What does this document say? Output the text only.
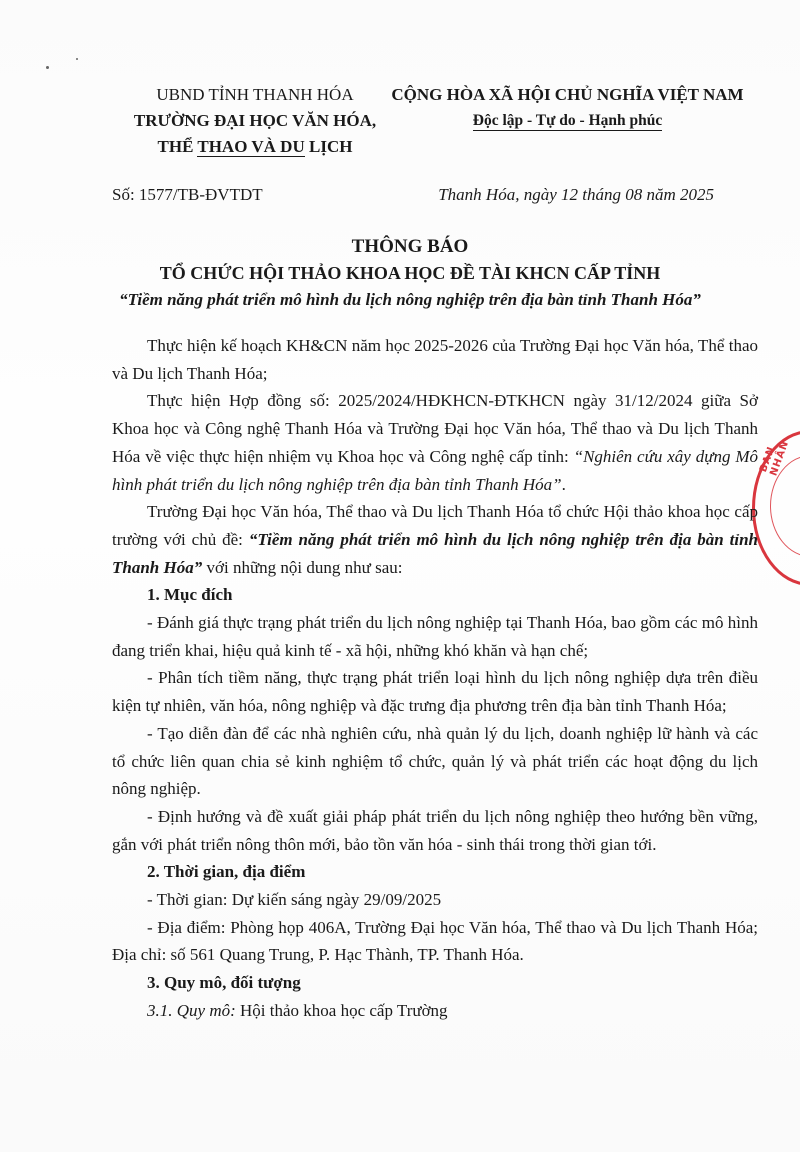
UBND TỈNH THANH HÓA
TRƯỜNG ĐẠI HỌC VĂN HÓA,
THỂ THAO VÀ DU LỊCH
CỘNG HÒA XÃ HỘI CHỦ NGHĨA VIỆT NAM
Độc lập - Tự do - Hạnh phúc
Số: 1577/TB-ĐVTDT	Thanh Hóa, ngày 12 tháng 08 năm 2025
THÔNG BÁO
TỔ CHỨC HỘI THẢO KHOA HỌC ĐỀ TÀI KHCN CẤP TỈNH
“Tiềm năng phát triển mô hình du lịch nông nghiệp trên địa bàn tỉnh Thanh Hóa”
BAN NHÂN

Thực hiện kế hoạch KH&CN năm học 2025-2026 của Trường Đại học Văn hóa, Thể thao và Du lịch Thanh Hóa;

Thực hiện Hợp đồng số: 2025/2024/HĐKHCN-ĐTKHCN ngày 31/12/2024 giữa Sở Khoa học và Công nghệ Thanh Hóa và Trường Đại học Văn hóa, Thể thao và Du lịch Thanh Hóa về việc thực hiện nhiệm vụ Khoa học và Công nghệ cấp tỉnh: “Nghiên cứu xây dựng Mô hình phát triển du lịch nông nghiệp trên địa bàn tỉnh Thanh Hóa”.

Trường Đại học Văn hóa, Thể thao và Du lịch Thanh Hóa tổ chức Hội thảo khoa học cấp trường với chủ đề: “Tiềm năng phát triển mô hình du lịch nông nghiệp trên địa bàn tỉnh Thanh Hóa” với những nội dung như sau:

1. Mục đích

- Đánh giá thực trạng phát triển du lịch nông nghiệp tại Thanh Hóa, bao gồm các mô hình đang triển khai, hiệu quả kinh tế - xã hội, những khó khăn và hạn chế;

- Phân tích tiềm năng, thực trạng phát triển loại hình du lịch nông nghiệp dựa trên điều kiện tự nhiên, văn hóa, nông nghiệp và đặc trưng địa phương trên địa bàn tỉnh Thanh Hóa;

- Tạo diễn đàn để các nhà nghiên cứu, nhà quản lý du lịch, doanh nghiệp lữ hành và các tổ chức liên quan chia sẻ kinh nghiệm tổ chức, quản lý và phát triển các hoạt động du lịch nông nghiệp.

- Định hướng và đề xuất giải pháp phát triển du lịch nông nghiệp theo hướng bền vững, gắn với phát triển nông thôn mới, bảo tồn văn hóa - sinh thái trong thời gian tới.

2. Thời gian, địa điểm

- Thời gian: Dự kiến sáng ngày 29/09/2025

- Địa điểm: Phòng họp 406A, Trường Đại học Văn hóa, Thể thao và Du lịch Thanh Hóa; Địa chỉ: số 561 Quang Trung, P. Hạc Thành, TP. Thanh Hóa.

3. Quy mô, đối tượng

3.1. Quy mô: Hội thảo khoa học cấp Trường
